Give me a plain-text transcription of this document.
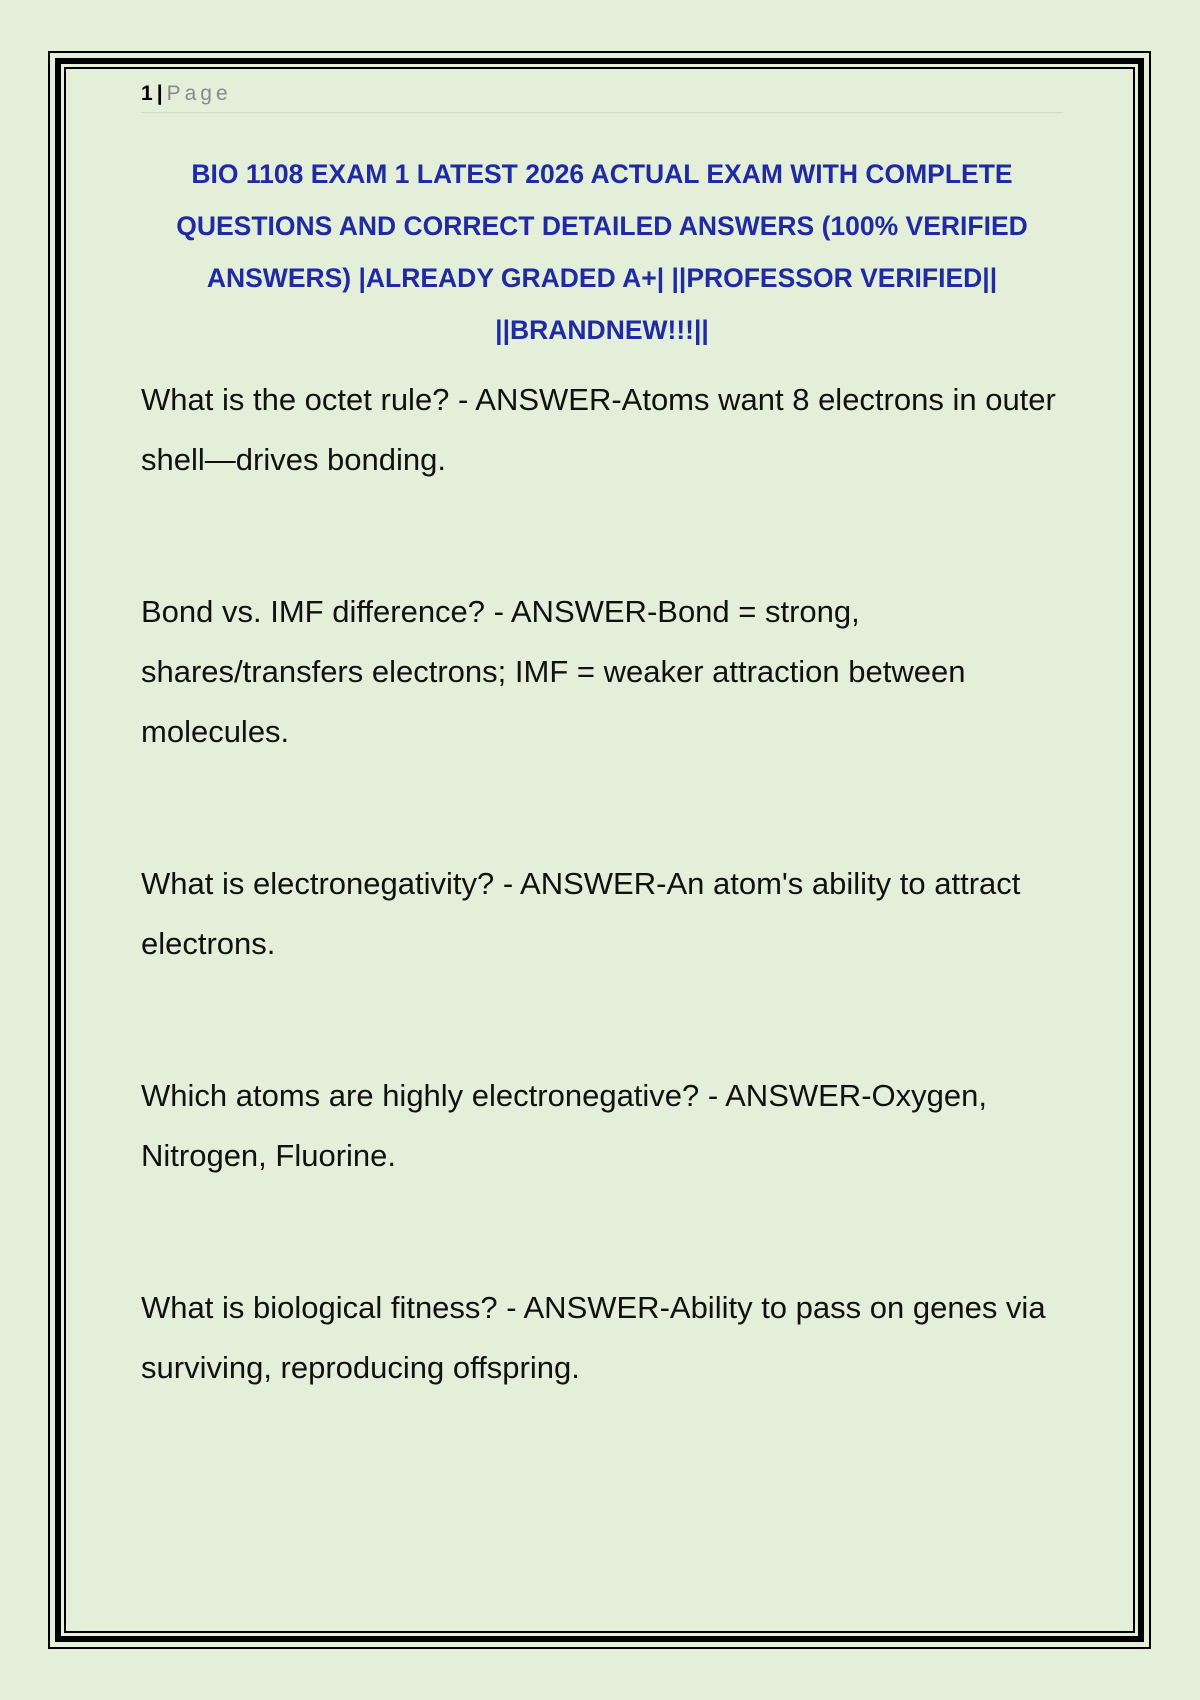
1 | Page
BIO 1108 EXAM 1 LATEST 2026 ACTUAL EXAM WITH COMPLETE QUESTIONS AND CORRECT DETAILED ANSWERS (100% VERIFIED ANSWERS) |ALREADY GRADED A+| ||PROFESSOR VERIFIED|| ||BRANDNEW!!!||

What is the octet rule? - ANSWER-Atoms want 8 electrons in outer shell—drives bonding.

Bond vs. IMF difference? - ANSWER-Bond = strong, shares/transfers electrons; IMF = weaker attraction between molecules.

What is electronegativity? - ANSWER-An atom's ability to attract electrons.

Which atoms are highly electronegative? - ANSWER-Oxygen, Nitrogen, Fluorine.

What is biological fitness? - ANSWER-Ability to pass on genes via surviving, reproducing offspring.
